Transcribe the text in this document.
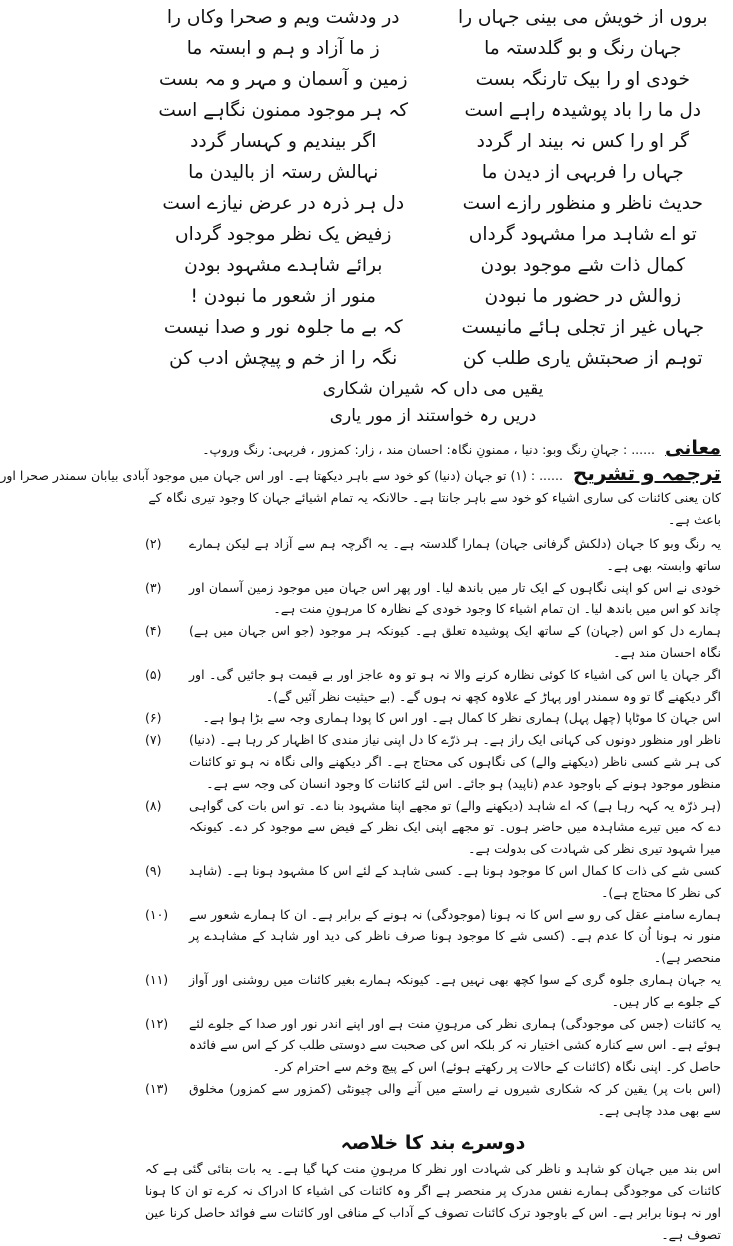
بروں از خویش می بینی جہاں را
در ودشت ویم و صحرا وکاں را
جہان رنگ و بو گلدستہ ما
ز ما آزاد و ہم و ابستہ ما
خودی او را بیک تارنگہ بست
زمین و آسمان و مہر و مہ بست
دل ما را باد پوشیدہ راہے است
کہ ہر موجود ممنون نگاہے است
گر او را کس نہ بیند ار گردد
اگر بیندیم و کہسار گردد
جہاں را فربہی از دیدن ما
نہالش رستہ از بالیدن ما
حدیث ناظر و منظور رازے است
دل ہر ذرہ در عرض نیازے است
تو اے شاہد مرا مشہود گرداں
زفیض یک نظر موجود گرداں
کمال ذات شے موجود بودن
برائے شاہدے مشہود بودن
زوالش در حضور ما نبودن
منور از شعور ما نبودن !
جہاں غیر از تجلی ہائے مانیست
کہ بے ما جلوہ نور و صدا نیست
توہم از صحبتش یاری طلب کن
نگہ را از خم و پیچش ادب کن
یقیں می داں کہ شیران شکاری
دریں رہ خواستند از مور یاری
معانی ...... : جہانِ رنگ وبو: دنیا ، ممنونِ نگاہ: احسان مند ، زار: کمزور ، فربہی: رنگ وروپ۔
ترجمہ و تشریح ...... : (۱) تو جہان (دنیا) کو خود سے باہر دیکھتا ہے۔ اور اس جہان میں موجود آبادی بیابان سمندر صحرا اور
کان یعنی کائنات کی ساری اشیاء کو خود سے باہر جانتا ہے۔ حالانکہ یہ تمام اشیائے جہان کا وجود تیری نگاہ کے باعث ہے۔
یہ رنگ وبو کا جہان (دلکش گرفانی جہان) ہمارا گلدستہ ہے۔ یہ اگرچہ ہم سے آزاد ہے لیکن ہمارے ساتھ وابستہ بھی ہے۔
(۲)
خودی نے اس کو اپنی نگاہوں کے ایک تار میں باندھ لیا۔ اور پھر اس جہان میں موجود زمین آسمان اور چاند کو اس میں باندھ لیا۔ ان تمام اشیاء کا وجود خودی کے نظارہ کا مرہونِ منت ہے۔
(۳)
ہمارے دل کو اس (جہان) کے ساتھ ایک پوشیدہ تعلق ہے۔ کیونکہ ہر موجود (جو اس جہان میں ہے) نگاہ احسان مند ہے۔
(۴)
اگر جہان یا اس کی اشیاء کا کوئی نظارہ کرنے والا نہ ہو تو وہ عاجز اور بے قیمت ہو جائیں گی۔ اور اگر دیکھنے گا تو وہ سمندر اور پہاڑ کے علاوہ کچھ نہ ہوں گے۔ (بے حیثیت نظر آئیں گے)۔
(۵)
اس جہان کا موٹاپا (چھل پہل) ہماری نظر کا کمال ہے۔ اور اس کا پودا ہماری وجہ سے بڑا ہوا ہے۔
(۶)
ناظر اور منظور دونوں کی کہانی ایک راز ہے۔ ہر ذرّے کا دل اپنی نیاز مندی کا اظہار کر رہا ہے۔ (دنیا) کی ہر شے کسی ناظر (دیکھنے والے) کی نگاہوں کی محتاج ہے۔ اگر دیکھنے والی نگاہ نہ ہو تو کائنات منظور موجود ہونے کے باوجود عدم (ناپید) ہو جائے۔ اس لئے کائنات کا وجود انسان کی وجہ سے ہے۔
(۷)
(ہر ذرّہ یہ کہہ رہا ہے) کہ اے شاہد (دیکھنے والے) تو مجھے اپنا مشہود بنا دے۔ تو اس بات کی گواہی دے کہ میں تیرے مشاہدہ میں حاضر ہوں۔ تو مجھے اپنی ایک نظر کے فیض سے موجود کر دے۔ کیونکہ میرا شہود تیری نظر کی شہادت کی بدولت ہے۔
(۸)
کسی شے کی ذات کا کمال اس کا موجود ہونا ہے۔ کسی شاہد کے لئے اس کا مشہود ہونا ہے۔ (شاہد کی نظر کا محتاج ہے)۔
(۹)
ہمارے سامنے عقل کی رو سے اس کا نہ ہونا (موجودگی) نہ ہونے کے برابر ہے۔ ان کا ہمارے شعور سے منور نہ ہونا اُن کا عدم ہے۔ (کسی شے کا موجود ہونا صرف ناظر کی دید اور شاہد کے مشاہدے پر منحصر ہے)۔
(۱۰)
یہ جہان ہماری جلوہ گری کے سوا کچھ بھی نہیں ہے۔ کیونکہ ہمارے بغیر کائنات میں روشنی اور آواز کے جلوے بے کار ہیں۔
(۱۱)
یہ کائنات (جس کی موجودگی) ہماری نظر کی مرہونِ منت ہے اور اپنے اندر نور اور صدا کے جلوے لئے ہوئے ہے۔ اس سے کنارہ کشی اختیار نہ کر بلکہ اس کی صحبت سے دوستی طلب کر کے اس سے فائدہ حاصل کر۔ اپنی نگاہ (کائنات کے حالات پر رکھتے ہوئے) اس کے پیچ وخم سے احترام کر۔
(۱۲)
(اس بات پر) یقین کر کہ شکاری شیروں نے راستے میں آنے والی چیونٹی (کمزور سے کمزور) مخلوق سے بھی مدد چاہی ہے۔
(۱۳)
دوسرے بند کا خلاصہ
اس بند میں جہان کو شاہد و ناظر کی شہادت اور نظر کا مرہونِ منت کہا گیا ہے۔ یہ بات بتائی گئی ہے کہ کائنات کی موجودگی ہمارے نفس مدرک پر منحصر ہے اگر وہ کائنات کی اشیاء کا ادراک نہ کرے تو ان کا ہونا اور نہ ہونا برابر ہے۔ اس کے باوجود ترک کائنات تصوف کے آداب کے منافی اور کائنات سے فوائد حاصل کرنا عین تصوف ہے۔
